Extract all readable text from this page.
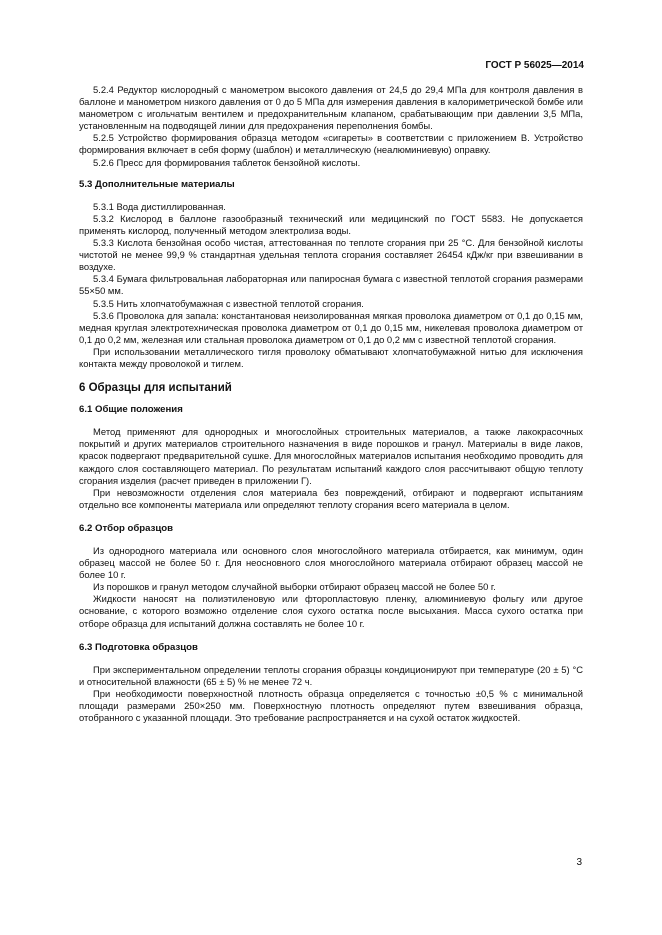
ГОСТ Р 56025—2014

5.2.4 Редуктор кислородный с манометром высокого давления от 24,5 до 29,4 МПа для контроля давления в баллоне и манометром низкого давления от 0 до 5 МПа для измерения давления в калориметрической бомбе или манометром с игольчатым вентилем и предохранительным клапаном, срабатывающим при давлении 3,5 МПа, установленным на подводящей линии для предохранения переполнения бомбы.

5.2.5 Устройство формирования образца методом «сигареты» в соответствии с приложением В. Устройство формирования включает в себя форму (шаблон) и металлическую (неалюминиевую) оправку.

5.2.6 Пресс для формирования таблеток бензойной кислоты.

5.3 Дополнительные материалы

5.3.1 Вода дистиллированная.

5.3.2 Кислород в баллоне газообразный технический или медицинский по ГОСТ 5583. Не допускается применять кислород, полученный методом электролиза воды.

5.3.3 Кислота бензойная особо чистая, аттестованная по теплоте сгорания при 25 °С. Для бензойной кислоты чистотой не менее 99,9 % стандартная удельная теплота сгорания составляет 26454 кДж/кг при взвешивании в воздухе.

5.3.4 Бумага фильтровальная лабораторная или папиросная бумага с известной теплотой сгорания размерами 55×50 мм.

5.3.5 Нить хлопчатобумажная с известной теплотой сгорания.

5.3.6 Проволока для запала: константановая неизолированная мягкая проволока диаметром от 0,1 до 0,15 мм, медная круглая электротехническая проволока диаметром от 0,1 до 0,15 мм, никелевая проволока диаметром от 0,1 до 0,2 мм, железная или стальная проволока диаметром от 0,1 до 0,2 мм с известной теплотой сгорания.

При использовании металлического тигля проволоку обматывают хлопчатобумажной нитью для исключения контакта между проволокой и тиглем.

6 Образцы для испытаний

6.1 Общие положения

Метод применяют для однородных и многослойных строительных материалов, а также лакокрасочных покрытий и других материалов строительного назначения в виде порошков и гранул. Материалы в виде лаков, красок подвергают предварительной сушке. Для многослойных материалов испытания необходимо проводить для каждого слоя составляющего материал. По результатам испытаний каждого слоя рассчитывают общую теплоту сгорания изделия (расчет приведен в приложении Г).

При невозможности отделения слоя материала без повреждений, отбирают и подвергают испытаниям отдельно все компоненты материала или определяют теплоту сгорания всего материала в целом.

6.2 Отбор образцов

Из однородного материала или основного слоя многослойного материала отбирается, как минимум, один образец массой не более 50 г. Для неосновного слоя многослойного материала отбирают образец массой не более 10 г.

Из порошков и гранул методом случайной выборки отбирают образец массой не более 50 г.

Жидкости наносят на полиэтиленовую или фторопластовую пленку, алюминиевую фольгу или другое основание, с которого возможно отделение слоя сухого остатка после высыхания. Масса сухого остатка при отборе образца для испытаний должна составлять не более 10 г.

6.3 Подготовка образцов

При экспериментальном определении теплоты сгорания образцы кондиционируют при температуре (20 ± 5) °С и относительной влажности (65 ± 5) % не менее 72 ч.

При необходимости поверхностной плотность образца определяется с точностью ±0,5 % с минимальной площади размерами 250×250 мм. Поверхностную плотность определяют путем взвешивания образца, отобранного с указанной площади. Это требование распространяется и на сухой остаток жидкостей.

3
